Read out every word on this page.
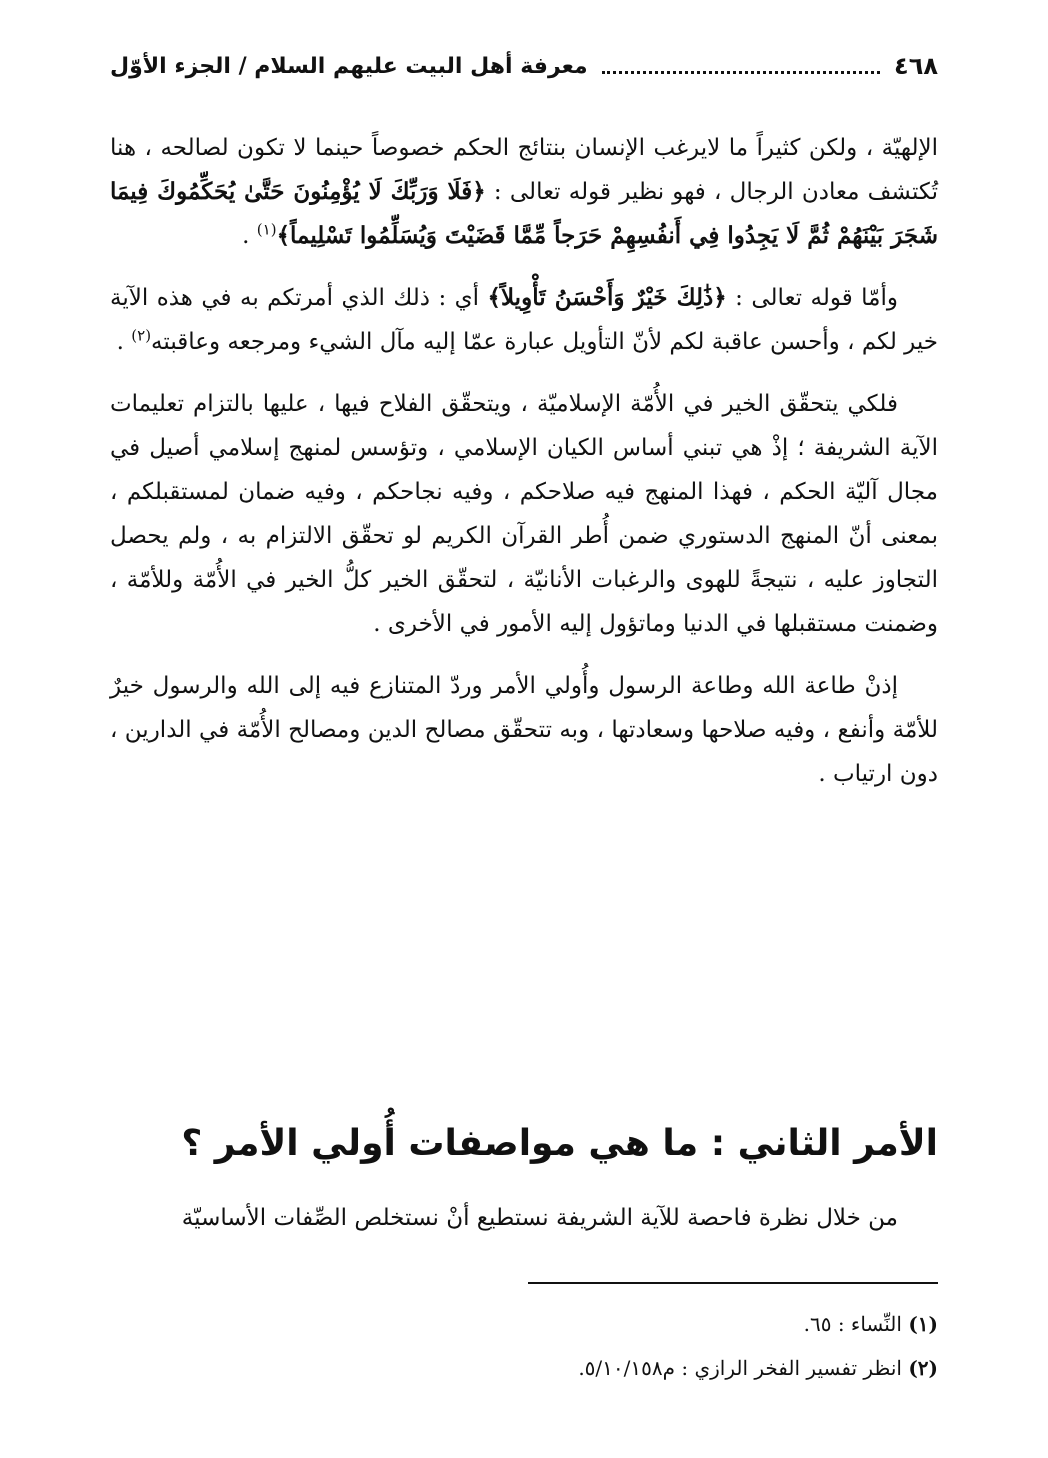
٤٦٨
معرفة أهل البيت عليهم السلام / الجزء الأوّل

الإلهيّة ، ولكن كثيراً ما لايرغب الإنسان بنتائج الحكم خصوصاً حينما لا تكون لصالحه ، هنا تُكتشف معادن الرجال ، فهو نظير قوله تعالى : ﴿فَلَا وَرَبِّكَ لَا يُؤْمِنُونَ حَتَّىٰ يُحَكِّمُوكَ فِيمَا شَجَرَ بَيْنَهُمْ ثُمَّ لَا يَجِدُوا فِي أَنفُسِهِمْ حَرَجاً مِّمَّا قَضَيْتَ وَيُسَلِّمُوا تَسْلِيماً﴾$^{(١)}$ .

وأمّا قوله تعالى : ﴿ذَٰلِكَ خَيْرٌ وَأَحْسَنُ تَأْوِيلاً﴾ أي : ذلك الذي أمرتكم به في هذه الآية خير لكم ، وأحسن عاقبة لكم لأنّ التأويل عبارة عمّا إليه مآل الشيء ومرجعه وعاقبته$^{(٢)}$ .

فلكي يتحقّق الخير في الأُمّة الإسلاميّة ، ويتحقّق الفلاح فيها ، عليها بالتزام تعليمات الآية الشريفة ؛ إذْ هي تبني أساس الكيان الإسلامي ، وتؤسس لمنهج إسلامي أصيل في مجال آليّة الحكم ، فهذا المنهج فيه صلاحكم ، وفيه نجاحكم ، وفيه ضمان لمستقبلكم ، بمعنى أنّ المنهج الدستوري ضمن أُطر القرآن الكريم لو تحقّق الالتزام به ، ولم يحصل التجاوز عليه ، نتيجةً للهوى والرغبات الأنانيّة ، لتحقّق الخير كلُّ الخير في الأُمّة وللأمّة ، وضمنت مستقبلها في الدنيا وماتؤول إليه الأمور في الأخرى .

إذنْ طاعة الله وطاعة الرسول وأُولي الأمر وردّ المتنازع فيه إلى الله والرسول خيرٌ للأمّة وأنفع ، وفيه صلاحها وسعادتها ، وبه تتحقّق مصالح الدين ومصالح الأُمّة في الدارين ، دون ارتياب .

الأمر الثاني : ما هي مواصفات أُولي الأمر ؟
من خلال نظرة فاحصة للآية الشريفة نستطيع أنْ نستخلص الصِّفات الأساسيّة
(١) النِّساء : ٦٥.
(٢) انظر تفسير الفخر الرازي : م٥/١٠/١٥٨.
